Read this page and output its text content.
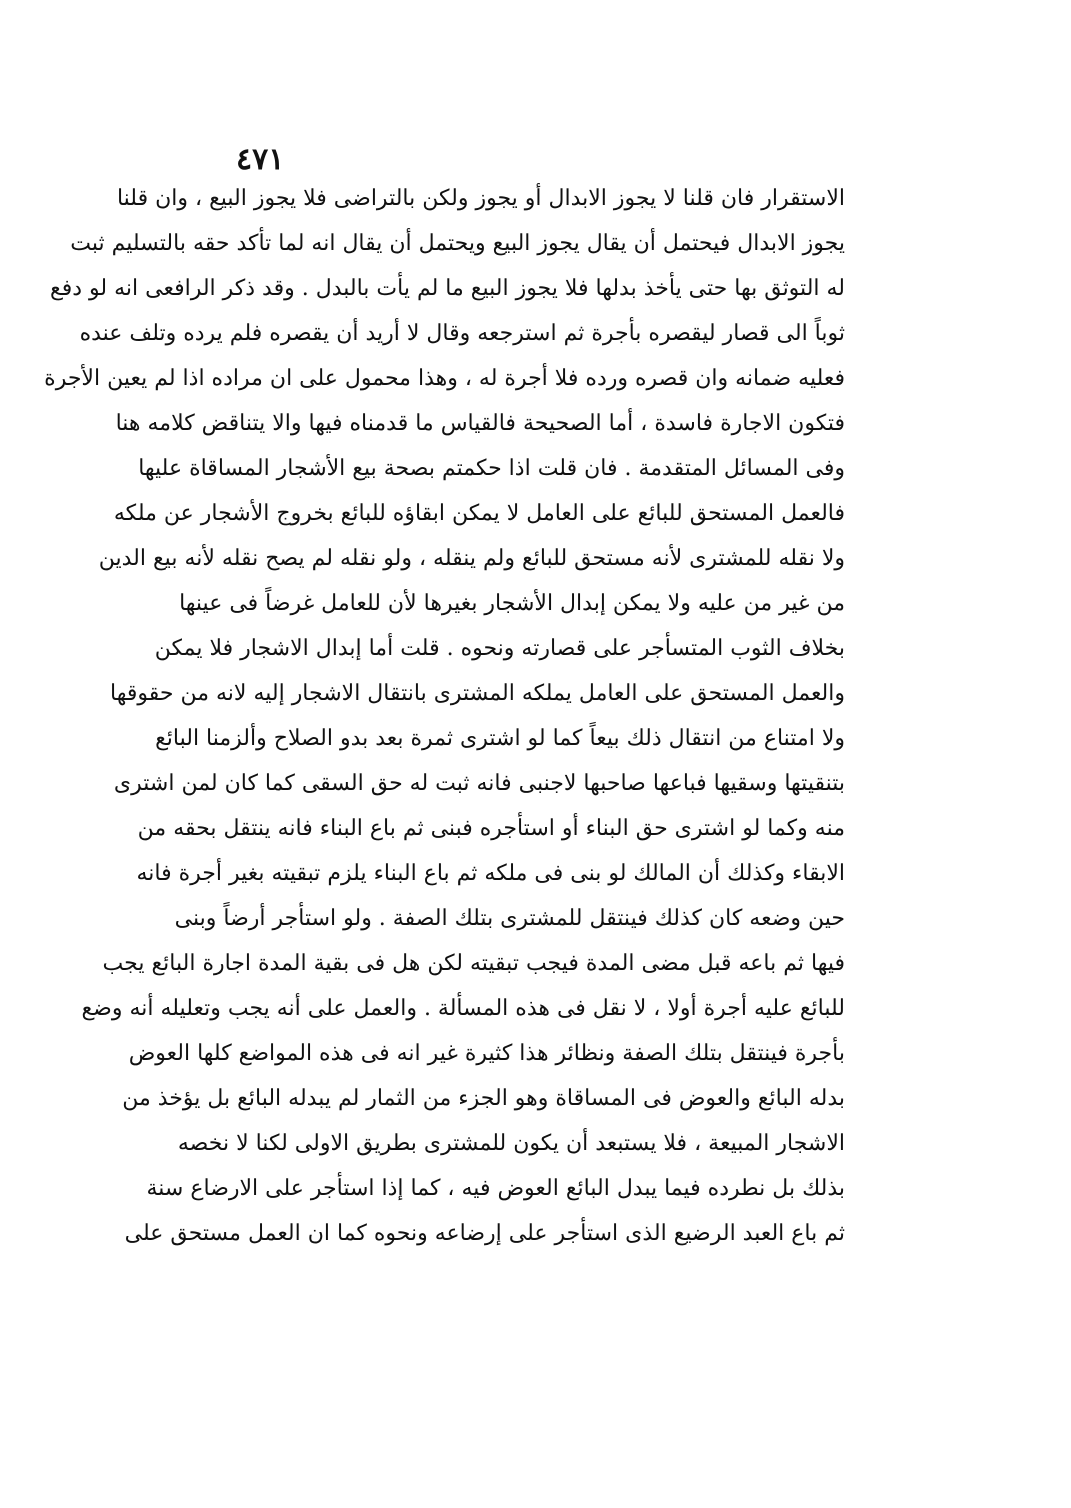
٤٧١
الاستقرار فان قلنا لا يجوز الابدال أو يجوز ولكن بالتراضى فلا يجوز البيع ، وان قلنا
يجوز الابدال فيحتمل أن يقال يجوز البيع ويحتمل أن يقال انه لما تأكد حقه بالتسليم ثبت
له التوثق بها حتى يأخذ بدلها فلا يجوز البيع ما لم يأت بالبدل . وقد ذكر الرافعى انه لو دفع
ثوباً الى قصار ليقصره بأجرة ثم استرجعه وقال لا أريد أن يقصره فلم يرده وتلف عنده
فعليه ضمانه وان قصره ورده فلا أجرة له ، وهذا محمول على ان مراده اذا لم يعين الأجرة
فتكون الاجارة فاسدة ، أما الصحيحة فالقياس ما قدمناه فيها والا يتناقض كلامه هنا
وفى المسائل المتقدمة . فان قلت اذا حكمتم بصحة بيع الأشجار المساقاة عليها
فالعمل المستحق للبائع على العامل لا يمكن ابقاؤه للبائع بخروج الأشجار عن ملكه
ولا نقله للمشترى لأنه مستحق للبائع ولم ينقله ، ولو نقله لم يصح نقله لأنه بيع الدين
من غير من عليه ولا يمكن إبدال الأشجار بغيرها لأن للعامل غرضاً فى عينها
بخلاف الثوب المتسأجر على قصارته ونحوه . قلت أما إبدال الاشجار فلا يمكن
والعمل المستحق على العامل يملكه المشترى بانتقال الاشجار إليه لانه من حقوقها
ولا امتناع من انتقال ذلك بيعاً كما لو اشترى ثمرة بعد بدو الصلاح وألزمنا البائع
بتنقيتها وسقيها فباعها صاحبها لاجنبى فانه ثبت له حق السقى كما كان لمن اشترى
منه وكما لو اشترى حق البناء أو استأجره فبنى ثم باع البناء فانه ينتقل بحقه من
الابقاء وكذلك أن المالك لو بنى فى ملكه ثم باع البناء يلزم تبقيته بغير أجرة فانه
حين وضعه كان كذلك فينتقل للمشترى بتلك الصفة . ولو استأجر أرضاً وبنى
فيها ثم باعه قبل مضى المدة فيجب تبقيته لكن هل فى بقية المدة اجارة البائع يجب
للبائع عليه أجرة أولا ، لا نقل فى هذه المسألة . والعمل على أنه يجب وتعليله أنه وضع
بأجرة فينتقل بتلك الصفة ونظائر هذا كثيرة غير انه فى هذه المواضع كلها العوض
بدله البائع والعوض فى المساقاة وهو الجزء من الثمار لم يبدله البائع بل يؤخذ من
الاشجار المبيعة ، فلا يستبعد أن يكون للمشترى بطريق الاولى لكنا لا نخصه
بذلك بل نطرده فيما يبدل البائع العوض فيه ، كما إذا استأجر على الارضاع سنة
ثم باع العبد الرضيع الذى استأجر على إرضاعه ونحوه كما ان العمل مستحق على
